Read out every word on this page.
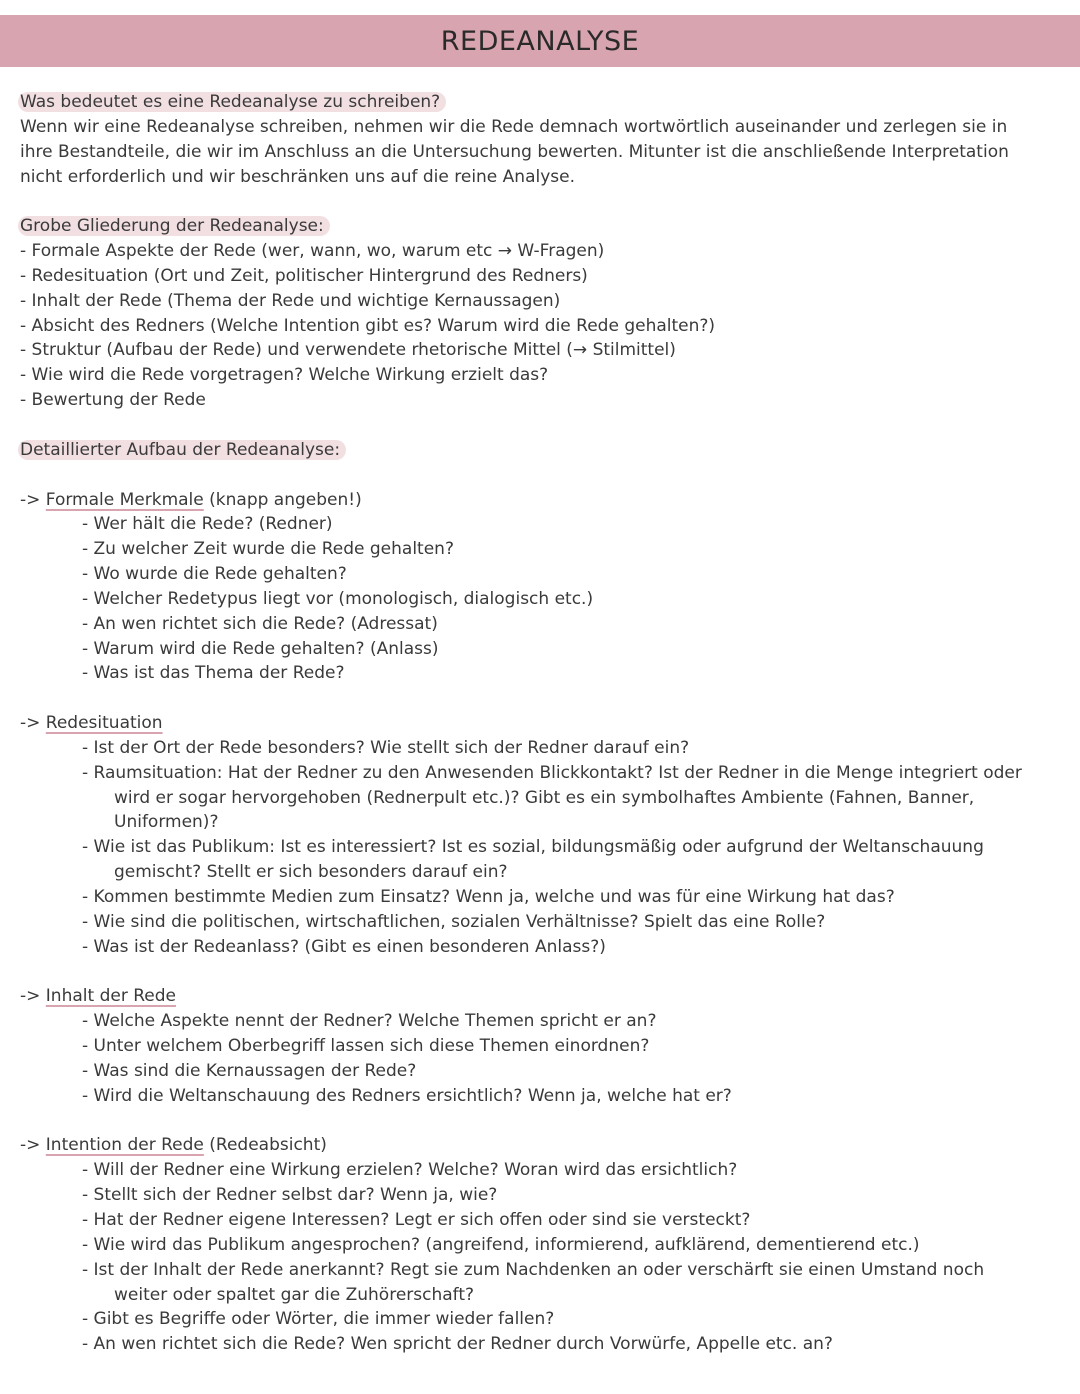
REDEANALYSE
Was bedeutet es eine Redeanalyse zu schreiben?
Wenn wir eine Redeanalyse schreiben, nehmen wir die Rede demnach wortwörtlich auseinander und zerlegen sie in
ihre Bestandteile, die wir im Anschluss an die Untersuchung bewerten. Mitunter ist die anschließende Interpretation
nicht erforderlich und wir beschränken uns auf die reine Analyse.
Grobe Gliederung der Redeanalyse:
- Formale Aspekte der Rede (wer, wann, wo, warum etc → W-Fragen)
- Redesituation (Ort und Zeit, politischer Hintergrund des Redners)
- Inhalt der Rede (Thema der Rede und wichtige Kernaussagen)
- Absicht des Redners (Welche Intention gibt es? Warum wird die Rede gehalten?)
- Struktur (Aufbau der Rede) und verwendete rhetorische Mittel (→ Stilmittel)
- Wie wird die Rede vorgetragen? Welche Wirkung erzielt das?
- Bewertung der Rede
Detaillierter Aufbau der Redeanalyse:
-> Formale Merkmale (knapp angeben!)
- Wer hält die Rede? (Redner)
- Zu welcher Zeit wurde die Rede gehalten?
- Wo wurde die Rede gehalten?
- Welcher Redetypus liegt vor (monologisch, dialogisch etc.)
- An wen richtet sich die Rede? (Adressat)
- Warum wird die Rede gehalten? (Anlass)
- Was ist das Thema der Rede?
-> Redesituation
- Ist der Ort der Rede besonders? Wie stellt sich der Redner darauf ein?
- Raumsituation: Hat der Redner zu den Anwesenden Blickkontakt? Ist der Redner in die Menge integriert oder
wird er sogar hervorgehoben (Rednerpult etc.)? Gibt es ein symbolhaftes Ambiente (Fahnen, Banner,
Uniformen)?
- Wie ist das Publikum: Ist es interessiert? Ist es sozial, bildungsmäßig oder aufgrund der Weltanschauung
gemischt? Stellt er sich besonders darauf ein?
- Kommen bestimmte Medien zum Einsatz? Wenn ja, welche und was für eine Wirkung hat das?
- Wie sind die politischen, wirtschaftlichen, sozialen Verhältnisse? Spielt das eine Rolle?
- Was ist der Redeanlass? (Gibt es einen besonderen Anlass?)
-> Inhalt der Rede
- Welche Aspekte nennt der Redner? Welche Themen spricht er an?
- Unter welchem Oberbegriff lassen sich diese Themen einordnen?
- Was sind die Kernaussagen der Rede?
- Wird die Weltanschauung des Redners ersichtlich? Wenn ja, welche hat er?
-> Intention der Rede (Redeabsicht)
- Will der Redner eine Wirkung erzielen? Welche? Woran wird das ersichtlich?
- Stellt sich der Redner selbst dar? Wenn ja, wie?
- Hat der Redner eigene Interessen? Legt er sich offen oder sind sie versteckt?
- Wie wird das Publikum angesprochen? (angreifend, informierend, aufklärend, dementierend etc.)
- Ist der Inhalt der Rede anerkannt? Regt sie zum Nachdenken an oder verschärft sie einen Umstand noch
weiter oder spaltet gar die Zuhörerschaft?
- Gibt es Begriffe oder Wörter, die immer wieder fallen?
- An wen richtet sich die Rede? Wen spricht der Redner durch Vorwürfe, Appelle etc. an?
